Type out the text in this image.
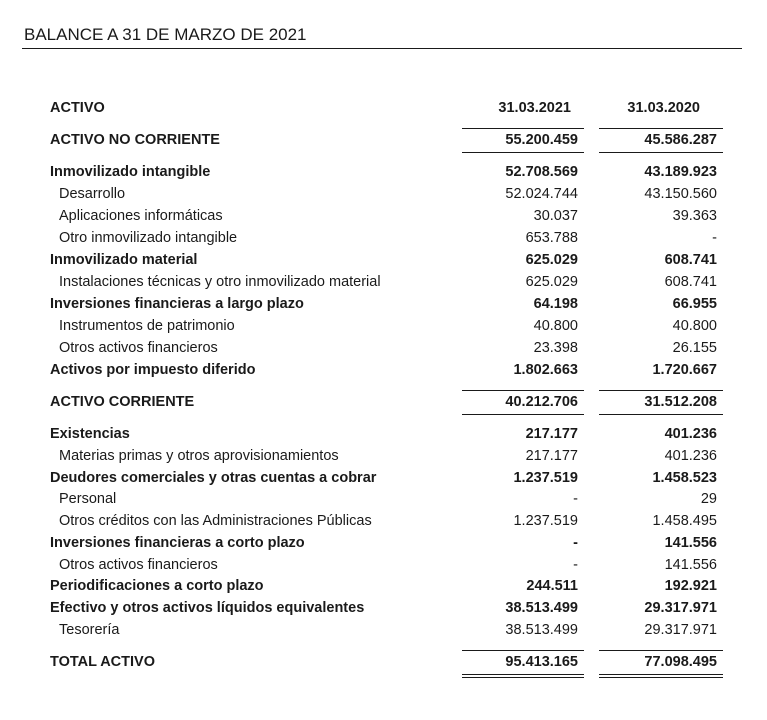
BALANCE A 31 DE MARZO DE 2021
ACTIVO	31.03.2021	31.03.2020
ACTIVO NO CORRIENTE	55.200.459	45.586.287
Inmovilizado intangible	52.708.569	43.189.923
Desarrollo	52.024.744	43.150.560
Aplicaciones informáticas	30.037	39.363
Otro inmovilizado intangible	653.788	-
Inmovilizado material	625.029	608.741
Instalaciones técnicas y otro inmovilizado material	625.029	608.741
Inversiones financieras a largo plazo	64.198	66.955
Instrumentos de patrimonio	40.800	40.800
Otros activos financieros	23.398	26.155
Activos por impuesto diferido	1.802.663	1.720.667
ACTIVO CORRIENTE	40.212.706	31.512.208
Existencias	217.177	401.236
Materias primas y otros aprovisionamientos	217.177	401.236
Deudores comerciales y otras cuentas a cobrar	1.237.519	1.458.523
Personal	-	29
Otros créditos con las Administraciones Públicas	1.237.519	1.458.495
Inversiones financieras a corto plazo	-	141.556
Otros activos financieros	-	141.556
Periodificaciones a corto plazo	244.511	192.921
Efectivo y otros activos líquidos equivalentes	38.513.499	29.317.971
Tesorería	38.513.499	29.317.971
TOTAL ACTIVO	95.413.165	77.098.495
